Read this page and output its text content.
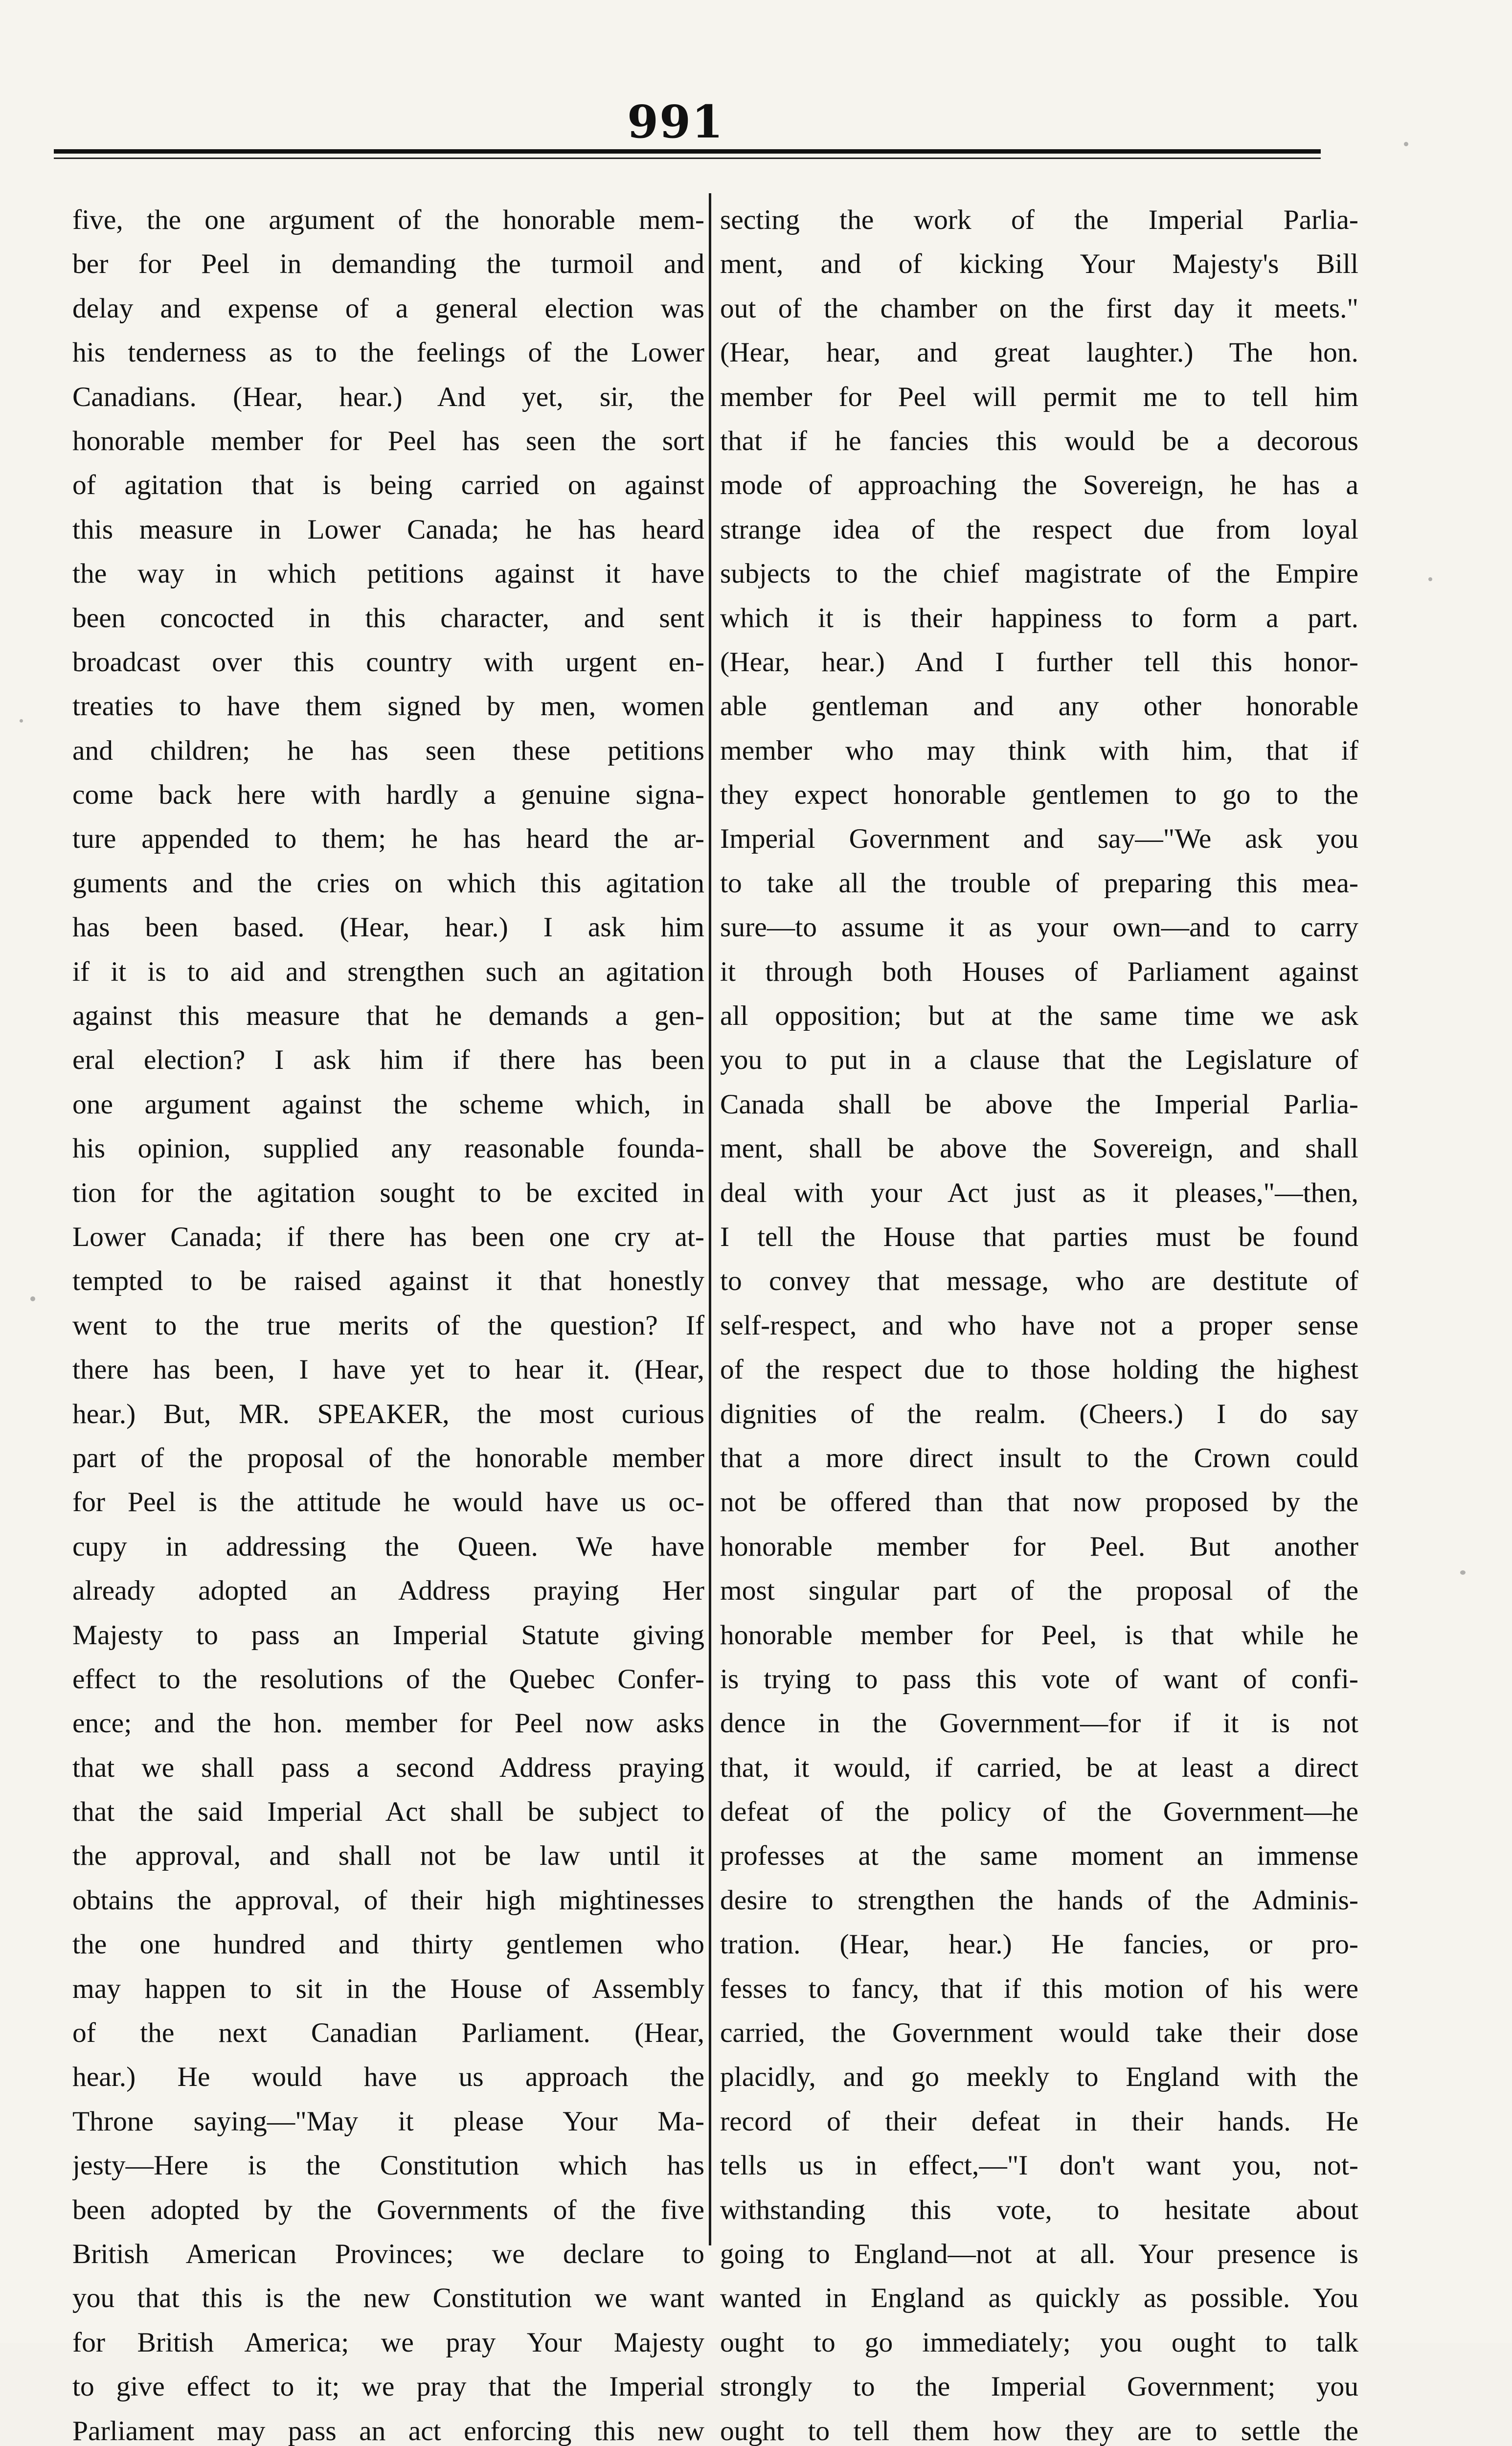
991
five, the one argument of the honorable mem-
ber for Peel in demanding the turmoil and
delay and expense of a general election was
his tenderness as to the feelings of the Lower
Canadians. (Hear, hear.) And yet, sir, the
honorable member for Peel has seen the sort
of agitation that is being carried on against
this measure in Lower Canada; he has heard
the way in which petitions against it have
been concocted in this character, and sent
broadcast over this country with urgent en-
treaties to have them signed by men, women
and children; he has seen these petitions
come back here with hardly a genuine signa-
ture appended to them; he has heard the ar-
guments and the cries on which this agitation
has been based. (Hear, hear.) I ask him
if it is to aid and strengthen such an agitation
against this measure that he demands a gen-
eral election? I ask him if there has been
one argument against the scheme which, in
his opinion, supplied any reasonable founda-
tion for the agitation sought to be excited in
Lower Canada; if there has been one cry at-
tempted to be raised against it that honestly
went to the true merits of the question? If
there has been, I have yet to hear it. (Hear,
hear.) But, MR. SPEAKER, the most curious
part of the proposal of the honorable member
for Peel is the attitude he would have us oc-
cupy in addressing the Queen. We have
already adopted an Address praying Her
Majesty to pass an Imperial Statute giving
effect to the resolutions of the Quebec Confer-
ence; and the hon. member for Peel now asks
that we shall pass a second Address praying
that the said Imperial Act shall be subject to
the approval, and shall not be law until it
obtains the approval, of their high mightinesses
the one hundred and thirty gentlemen who
may happen to sit in the House of Assembly
of the next Canadian Parliament. (Hear,
hear.) He would have us approach the
Throne saying—"May it please Your Ma-
jesty—Here is the Constitution which has
been adopted by the Governments of the five
British American Provinces; we declare to
you that this is the new Constitution we want
for British America; we pray Your Majesty
to give effect to it; we pray that the Imperial
Parliament may pass an act enforcing this new
secting the work of the Imperial Parlia-
ment, and of kicking Your Majesty's Bill
out of the chamber on the first day it meets."
(Hear, hear, and great laughter.) The hon.
member for Peel will permit me to tell him
that if he fancies this would be a decorous
mode of approaching the Sovereign, he has a
strange idea of the respect due from loyal
subjects to the chief magistrate of the Empire
which it is their happiness to form a part.
(Hear, hear.) And I further tell this honor-
able gentleman and any other honorable
member who may think with him, that if
they expect honorable gentlemen to go to the
Imperial Government and say—"We ask you
to take all the trouble of preparing this mea-
sure—to assume it as your own—and to carry
it through both Houses of Parliament against
all opposition; but at the same time we ask
you to put in a clause that the Legislature of
Canada shall be above the Imperial Parlia-
ment, shall be above the Sovereign, and shall
deal with your Act just as it pleases,"—then,
I tell the House that parties must be found
to convey that message, who are destitute of
self-respect, and who have not a proper sense
of the respect due to those holding the highest
dignities of the realm. (Cheers.) I do say
that a more direct insult to the Crown could
not be offered than that now proposed by the
honorable member for Peel. But another
most singular part of the proposal of the
honorable member for Peel, is that while he
is trying to pass this vote of want of confi-
dence in the Government—for if it is not
that, it would, if carried, be at least a direct
defeat of the policy of the Government—he
professes at the same moment an immense
desire to strengthen the hands of the Adminis-
tration. (Hear, hear.) He fancies, or pro-
fesses to fancy, that if this motion of his were
carried, the Government would take their dose
placidly, and go meekly to England with the
record of their defeat in their hands. He
tells us in effect,—"I don't want you, not-
withstanding this vote, to hesitate about
going to England—not at all. Your presence is
wanted in England as quickly as possible. You
ought to go immediately; you ought to talk
strongly to the Imperial Government; you
ought to tell them how they are to settle the
